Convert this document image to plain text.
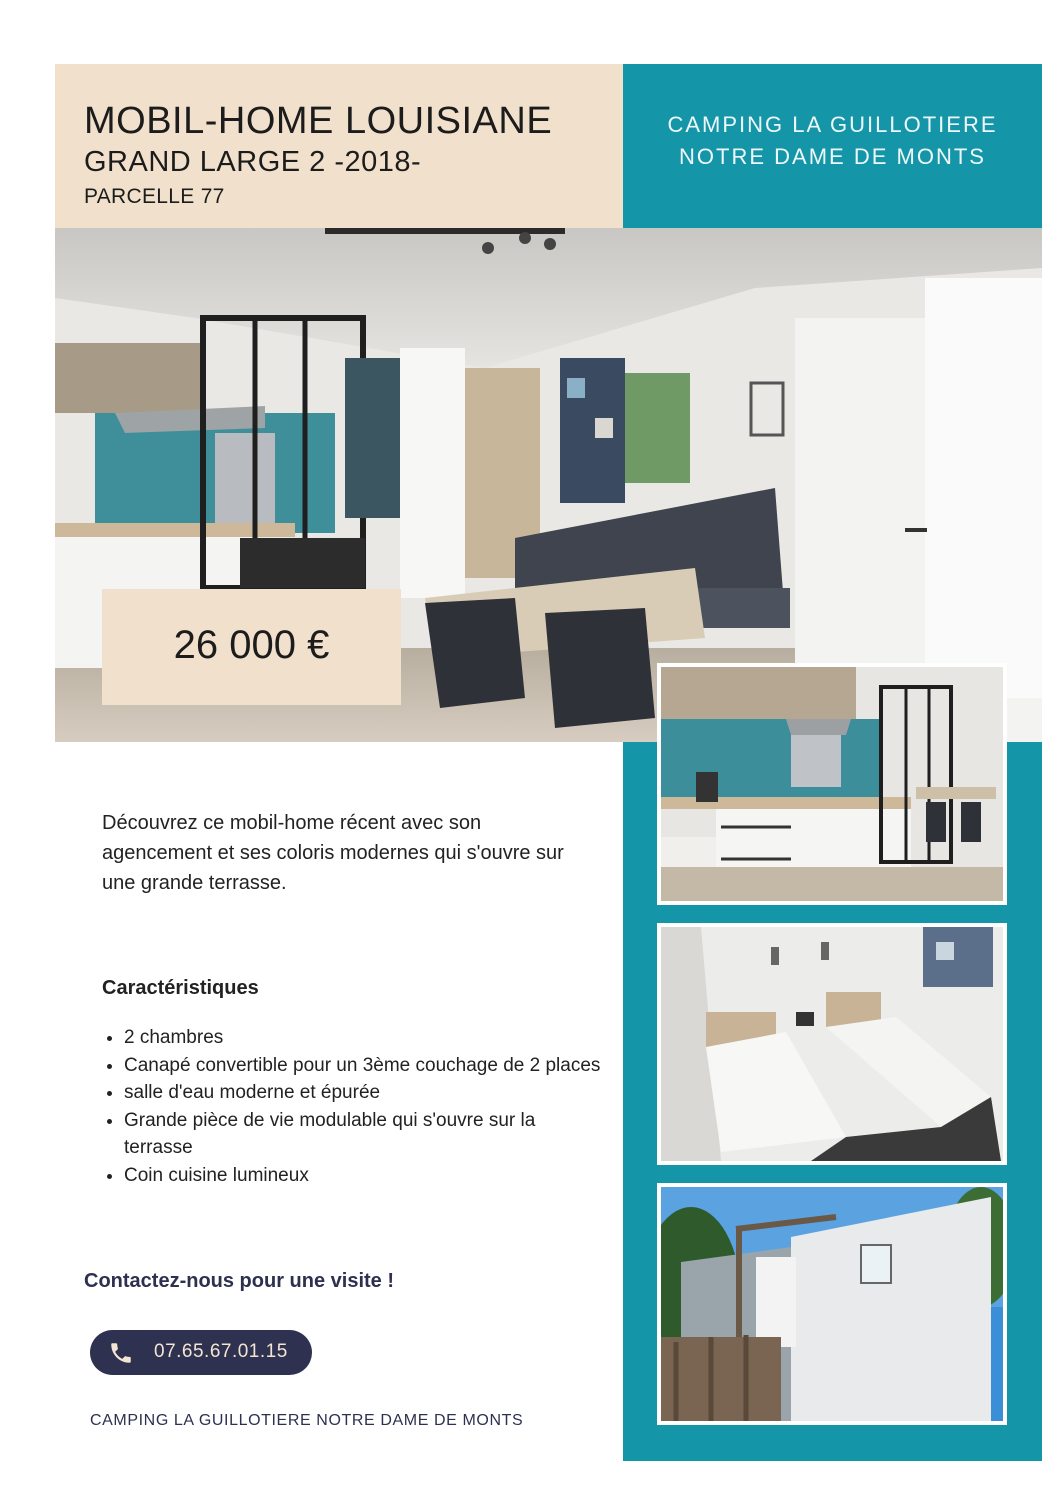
MOBIL-HOME LOUISIANE
GRAND LARGE 2 -2018-
PARCELLE 77
CAMPING LA GUILLOTIERE
NOTRE DAME DE MONTS
26 000 €
Découvrez ce mobil-home récent avec son agencement et ses coloris modernes qui s'ouvre sur une grande terrasse.
Caractéristiques
• 2 chambres
• Canapé convertible pour un 3ème couchage de 2 places
• salle d'eau moderne et épurée
• Grande pièce de vie modulable qui s'ouvre sur la terrasse
• Coin cuisine lumineux
Contactez-nous pour une visite !
07.65.67.01.15
CAMPING LA GUILLOTIERE NOTRE DAME DE MONTS
